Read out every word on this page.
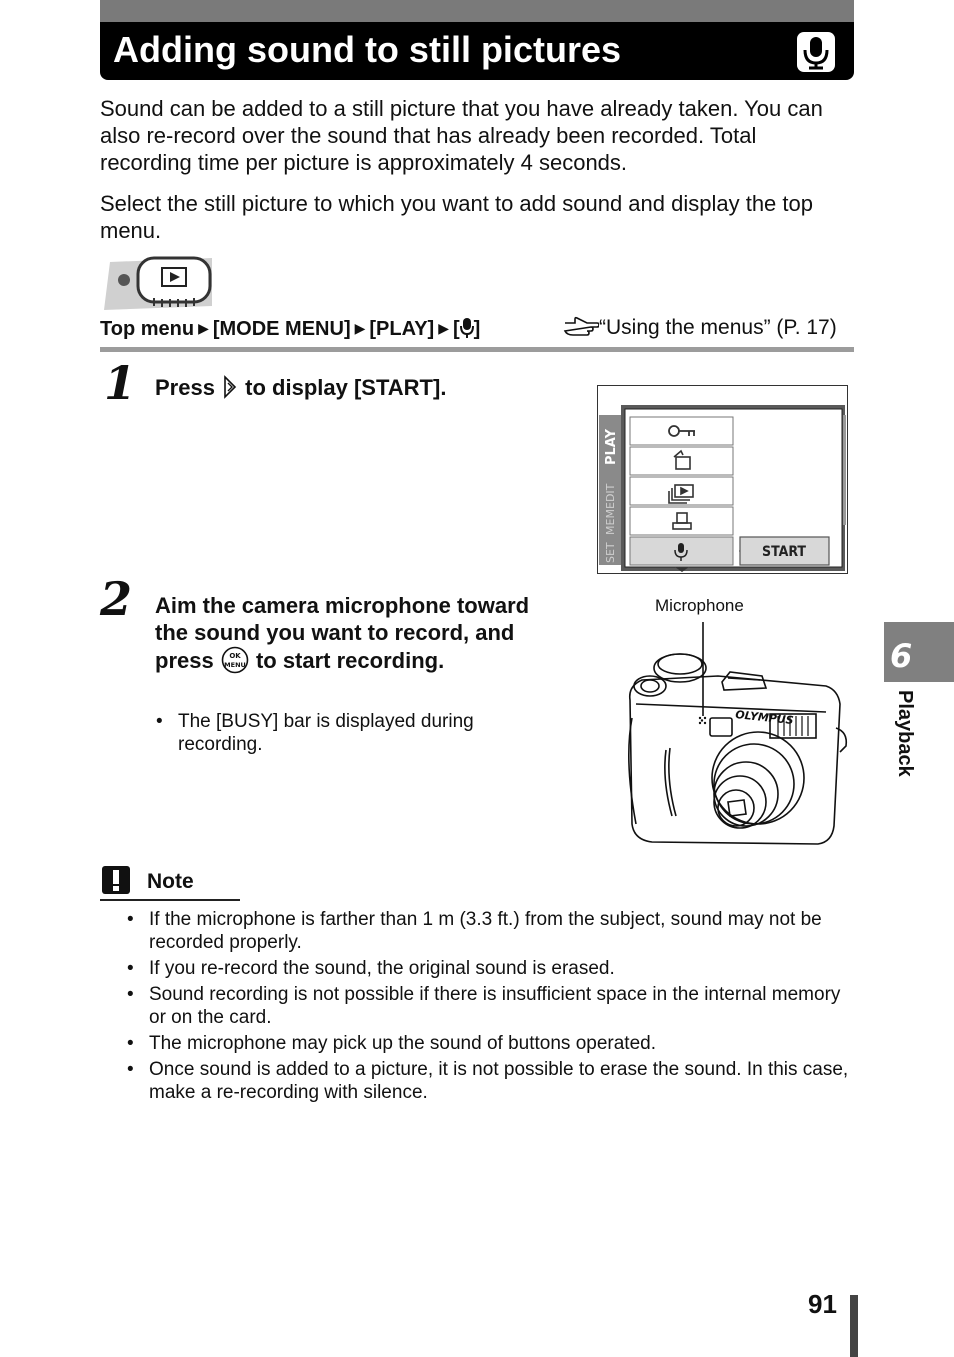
Adding sound to still pictures
Sound can be added to a still picture that you have already taken. You can also re-record over the sound that has already been recorded. Total recording time per picture is approximately 4 seconds.
Select the still picture to which you want to add sound and display the top menu.
Top menu ▶ [MODE MENU] ▶ [PLAY] ▶ [ ]	“Using the menus” (P. 17)
1 Press  to display [START].
PLAY
SET
MEM
EDIT
START
2 Aim the camera microphone toward the sound you want to record, and press OK
MENU to start recording.
• The [BUSY] bar is displayed during recording.
Microphone
OLYMPUS
6
Playback
Note
• If the microphone is farther than 1 m (3.3 ft.) from the subject, sound may not be recorded properly.
• If you re-record the sound, the original sound is erased.
• Sound recording is not possible if there is insufficient space in the internal memory or on the card.
• The microphone may pick up the sound of buttons operated.
• Once sound is added to a picture, it is not possible to erase the sound. In this case, make a re-recording with silence.
91
